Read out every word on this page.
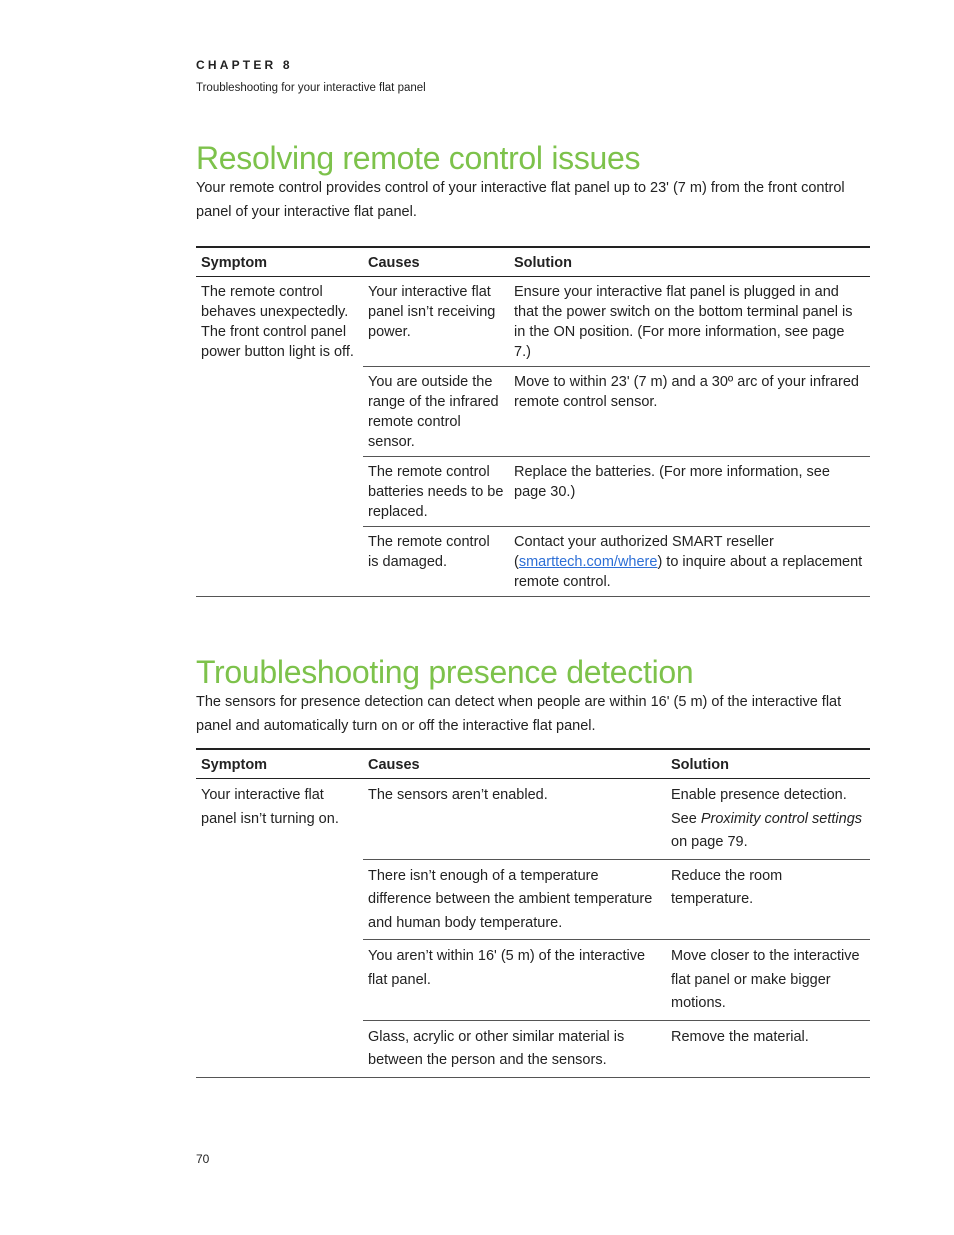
CHAPTER 8
Troubleshooting for your interactive flat panel
Resolving remote control issues

Your remote control provides control of your interactive flat panel up to 23' (7 m) from the front control panel of your interactive flat panel.

Symptom	Causes	Solution
The remote control behaves unexpectedly. The front control panel power button light is off.	Your interactive flat panel isn’t receiving power.	Ensure your interactive flat panel is plugged in and that the power switch on the bottom terminal panel is in the ON position. (For more information, see page 7.)
	You are outside the range of the infrared remote control sensor.	Move to within 23' (7 m) and a 30º arc of your infrared remote control sensor.
	The remote control batteries needs to be replaced.	Replace the batteries. (For more information, see page 30.)
	The remote control is damaged.	Contact your authorized SMART reseller (smarttech.com/where) to inquire about a replacement remote control.
Troubleshooting presence detection

The sensors for presence detection can detect when people are within 16' (5 m) of the interactive flat panel and automatically turn on or off the interactive flat panel.

Symptom	Causes	Solution
Your interactive flat panel isn’t turning on.	The sensors aren’t enabled.	Enable presence detection. See Proximity control settings on page 79.
	There isn’t enough of a temperature difference between the ambient temperature and human body temperature.	Reduce the room temperature.
	You aren’t within 16' (5 m) of the interactive flat panel.	Move closer to the interactive flat panel or make bigger motions.
	Glass, acrylic or other similar material is between the person and the sensors.	Remove the material.
70
